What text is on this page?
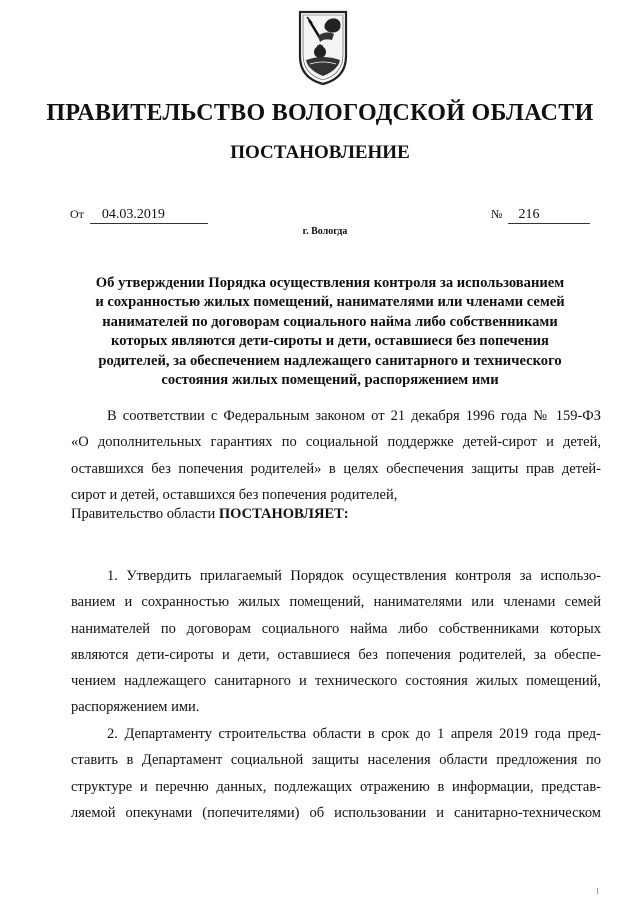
ПРАВИТЕЛЬСТВО ВОЛОГОДСКОЙ ОБЛАСТИ
ПОСТАНОВЛЕНИЕ
От 04.03.2019	№ 216
г. Вологда
Об утверждении Порядка осуществления контроля за использованием
и сохранностью жилых помещений, нанимателями или членами семей
нанимателей по договорам социального найма либо собственниками
которых являются дети-сироты и дети, оставшиеся без попечения
родителей, за обеспечением надлежащего санитарного и технического
состояния жилых помещений, распоряжением ими
В соответствии с Федеральным законом от 21 декабря 1996 года № 159-ФЗ
«О дополнительных гарантиях по социальной поддержке детей-сирот и детей,
оставшихся без попечения родителей» в целях обеспечения защиты прав детей-
сирот и детей, оставшихся без попечения родителей,
Правительство области ПОСТАНОВЛЯЕТ:
1. Утвердить прилагаемый Порядок осуществления контроля за использо-
ванием и сохранностью жилых помещений, нанимателями или членами семей
нанимателей по договорам социального найма либо собственниками которых
являются дети-сироты и дети, оставшиеся без попечения родителей, за обеспе-
чением надлежащего санитарного и технического состояния жилых помещений,
распоряжением ими.
2. Департаменту строительства области в срок до 1 апреля 2019 года пред-
ставить в Департамент социальной защиты населения области предложения по
структуре и перечню данных, подлежащих отражению в информации, представ-
ляемой опекунами (попечителями) об использовании и санитарно-техническом
